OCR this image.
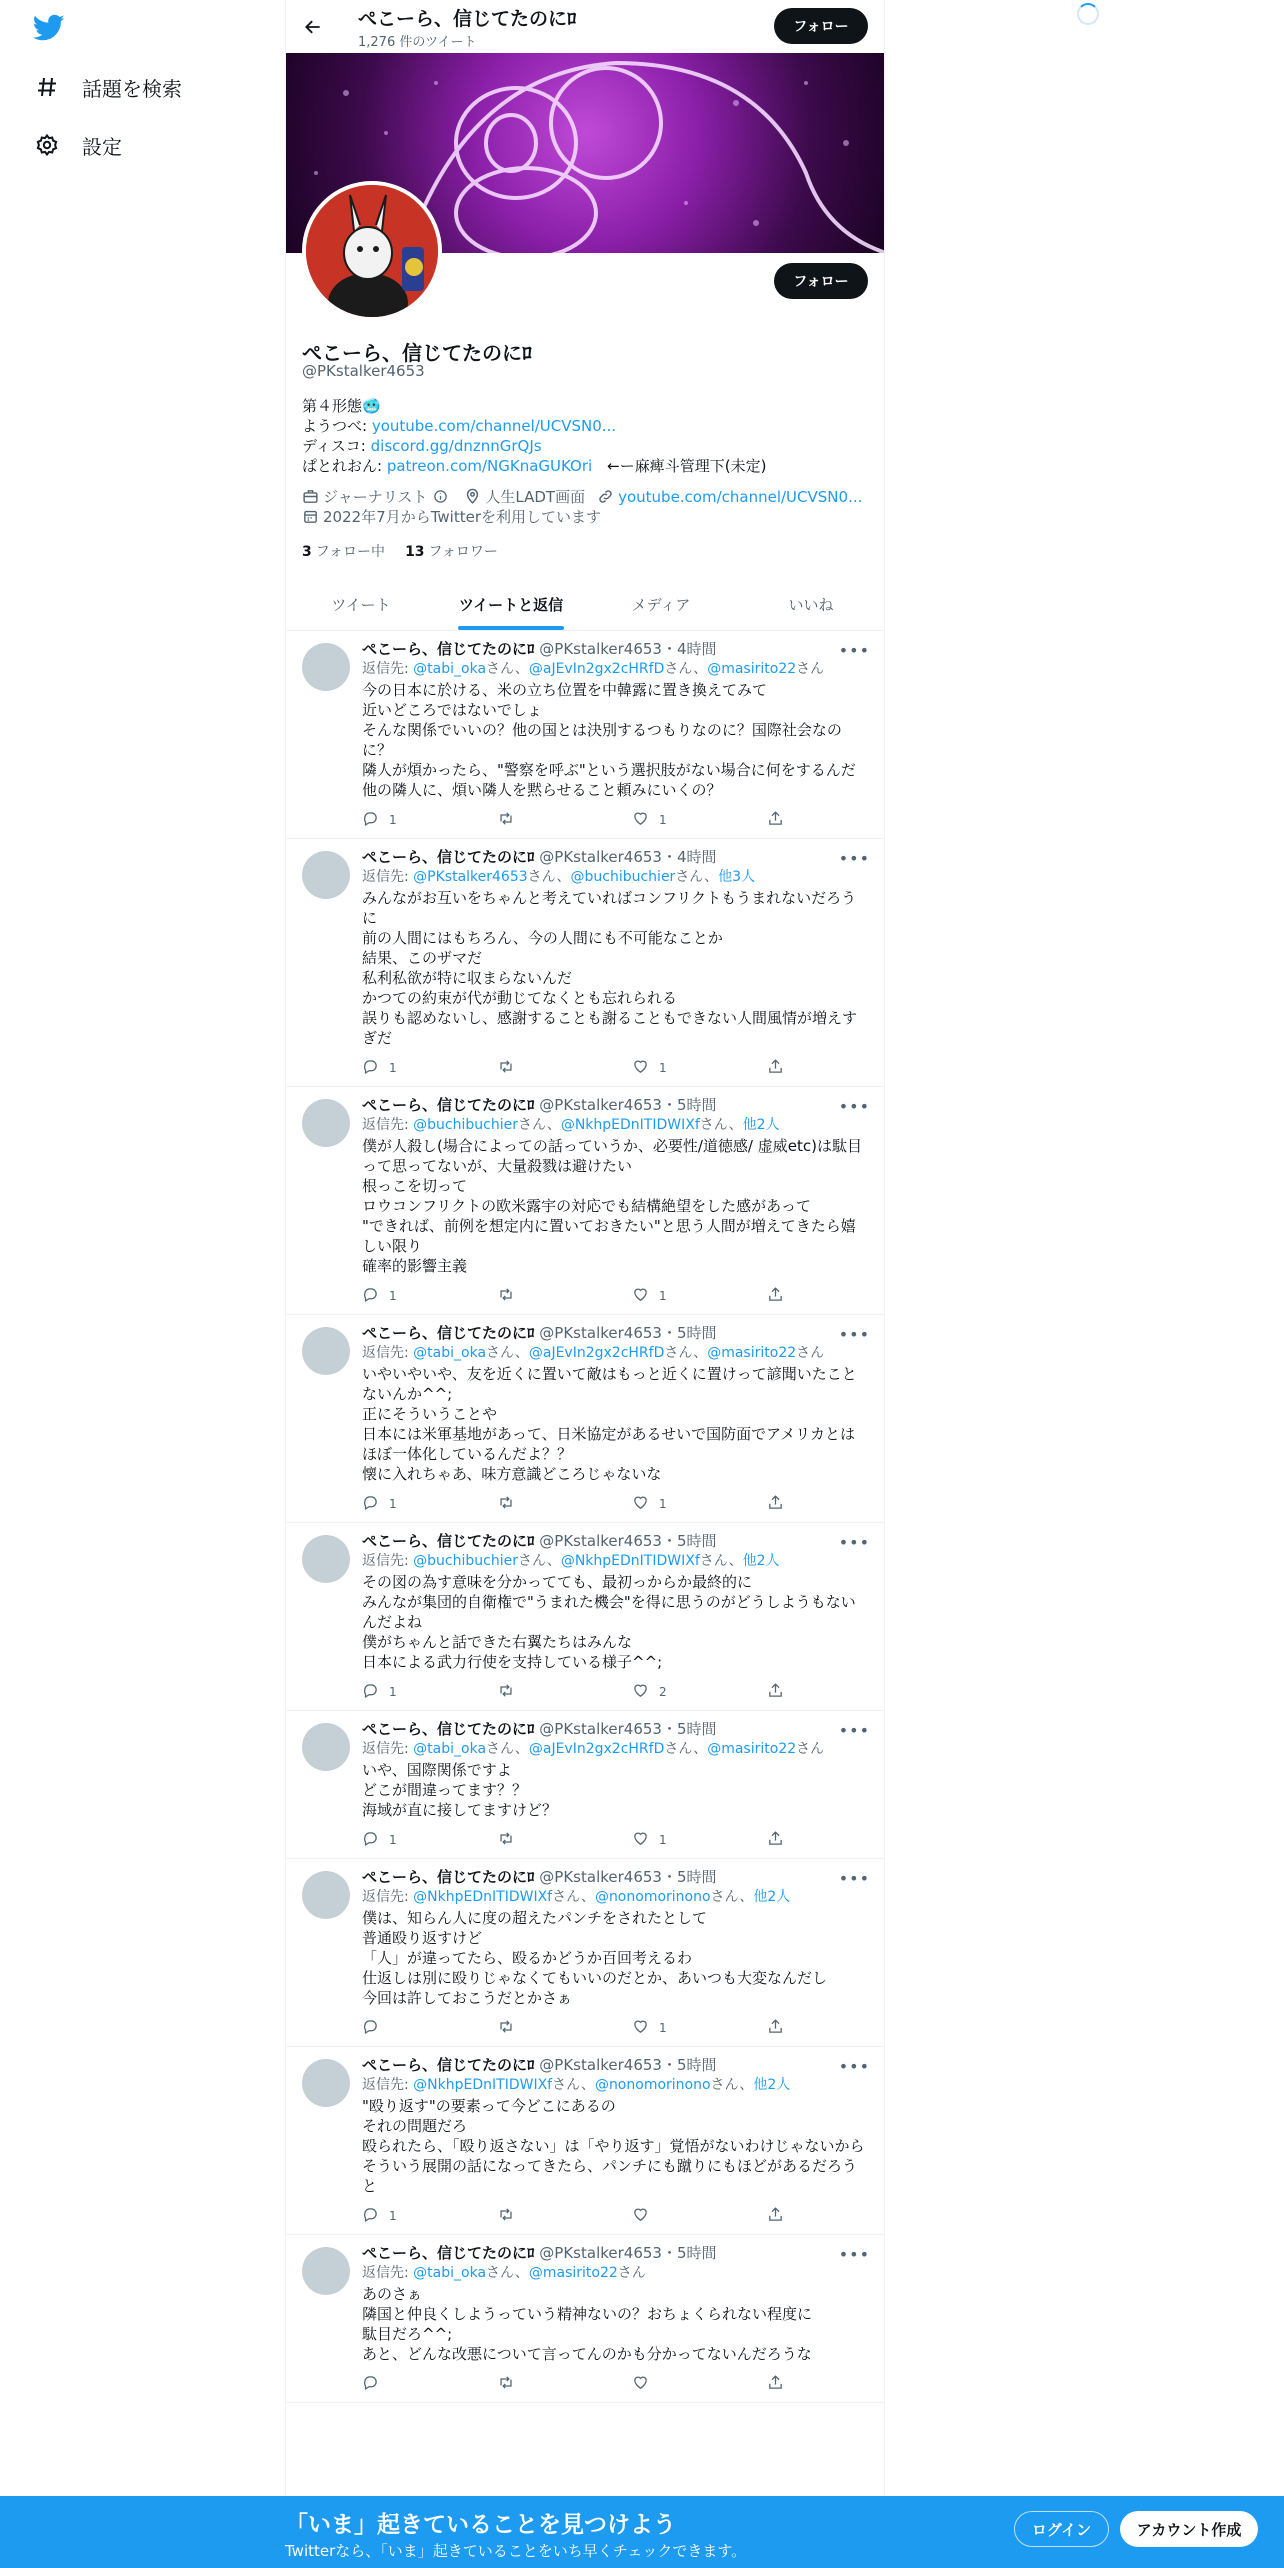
話題を検索
設定
ぺこーら、信じてたのにﾛ︎
1,276 件のツイート
フォロー
フォロー
ぺこーら、信じてたのにﾛ︎
@PKstalker4653
第４形態🥶
ようつべ: youtube.com/channel/UCVSN0...
ディスコ: discord.gg/dnznnGrQJs
ぱとれおん: patreon.com/NGKnaGUKOri　←ー麻痺斗管理下(未定)
ジャーナリスト	人生LADT画面 youtube.com/channel/UCVSN0...
2022年7月からTwitterを利用しています
3 フォロー中 13 フォロワー
ツイート	ツイートと返信	メディア	いいね
ぺこーら、信じてたのにﾛ︎ @PKstalker4653・4時間	•••
返信先: @tabi_okaさん、@aJEvIn2gx2cHRfDさん、@masirito22さん
今の日本に於ける、米の立ち位置を中韓露に置き換えてみて
近いどころではないでしょ
そんな関係でいいの？他の国とは決別するつもりなのに？国際社会なのに？
隣人が煩かったら、"警察を呼ぶ"という選択肢がない場合に何をするんだ
他の隣人に、煩い隣人を黙らせること頼みにいくの？
1	1
ぺこーら、信じてたのにﾛ︎ @PKstalker4653・4時間	•••
返信先: @PKstalker4653さん、@buchibuchierさん、他3人
みんながお互いをちゃんと考えていればコンフリクトもうまれないだろうに
前の人間にはもちろん、今の人間にも不可能なことか
結果、このザマだ
私利私欲が特に収まらないんだ
かつての約束が代が動じてなくとも忘れられる
誤りも認めないし、感謝することも謝ることもできない人間風情が増えすぎだ
1	1
ぺこーら、信じてたのにﾛ︎ @PKstalker4653・5時間	•••
返信先: @buchibuchierさん、@NkhpEDnITIDWIXfさん、他2人
僕が人殺し(場合によっての話っていうか、必要性/道徳感/ 虚威etc)は駄目って思ってないが、大量殺戮は避けたい
根っこを切って
ロウコンフリクトの欧米露宇の対応でも結構絶望をした感があって
"できれば、前例を想定内に置いておきたい"と思う人間が増えてきたら嬉しい限り
確率的影響主義
1	1
ぺこーら、信じてたのにﾛ︎ @PKstalker4653・5時間	•••
返信先: @tabi_okaさん、@aJEvIn2gx2cHRfDさん、@masirito22さん
いやいやいや、友を近くに置いて敵はもっと近くに置けって諺聞いたことないんか^^;
正にそういうことや
日本には米軍基地があって、日米協定があるせいで国防面でアメリカとはほぼ一体化しているんだよ？？
懐に入れちゃあ、味方意識どころじゃないな
1	1
ぺこーら、信じてたのにﾛ︎ @PKstalker4653・5時間	•••
返信先: @buchibuchierさん、@NkhpEDnITIDWIXfさん、他2人
その図の為す意味を分かってても、最初っからか最終的に
みんなが集団的自衛権で"うまれた機会"を得に思うのがどうしようもないんだよね
僕がちゃんと話できた右翼たちはみんな
日本による武力行使を支持している様子^^;
1	2
ぺこーら、信じてたのにﾛ︎ @PKstalker4653・5時間	•••
返信先: @tabi_okaさん、@aJEvIn2gx2cHRfDさん、@masirito22さん
いや、国際関係ですよ
どこが間違ってます？？
海域が直に接してますけど？
1	1
ぺこーら、信じてたのにﾛ︎ @PKstalker4653・5時間	•••
返信先: @NkhpEDnITIDWIXfさん、@nonomorinonoさん、他2人
僕は、知らん人に度の超えたパンチをされたとして
普通殴り返すけど
「人」が違ってたら、殴るかどうか百回考えるわ
仕返しは別に殴りじゃなくてもいいのだとか、あいつも大変なんだし
今回は許しておこうだとかさぁ
1
ぺこーら、信じてたのにﾛ︎ @PKstalker4653・5時間	•••
返信先: @NkhpEDnITIDWIXfさん、@nonomorinonoさん、他2人
"殴り返す"の要素って今どこにあるの
それの問題だろ
殴られたら、「殴り返さない」は「やり返す」覚悟がないわけじゃないから
そういう展開の話になってきたら、パンチにも蹴りにもほどがあるだろうと
1
ぺこーら、信じてたのにﾛ︎ @PKstalker4653・5時間	•••
返信先: @tabi_okaさん、@masirito22さん
あのさぁ
隣国と仲良くしようっていう精神ないの？おちょくられない程度に
駄目だろ^^;
あと、どんな改悪について言ってんのかも分かってないんだろうな
「いま」起きていることを見つけよう
Twitterなら、「いま」起きていることをいち早くチェックできます。
ログイン	アカウント作成
